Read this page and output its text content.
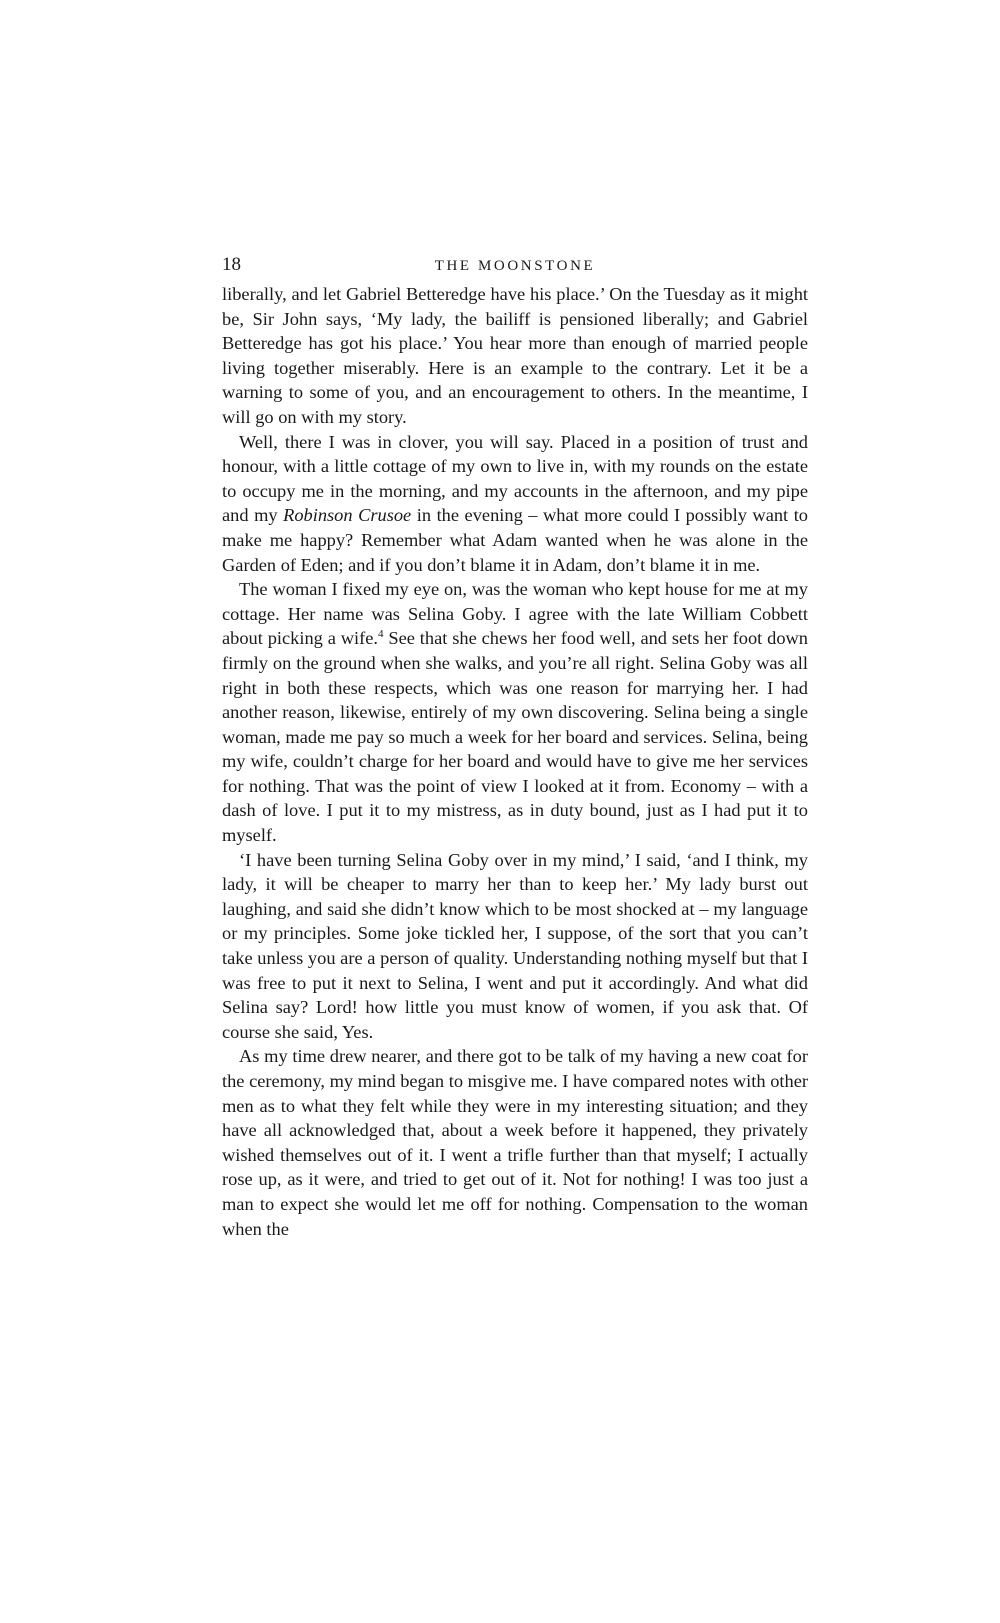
18	THE MOONSTONE

liberally, and let Gabriel Betteredge have his place.’ On the Tuesday as it might be, Sir John says, ‘My lady, the bailiff is pensioned liberally; and Gabriel Betteredge has got his place.’ You hear more than enough of married people living together miserably. Here is an example to the contrary. Let it be a warning to some of you, and an encouragement to others. In the meantime, I will go on with my story.

Well, there I was in clover, you will say. Placed in a position of trust and honour, with a little cottage of my own to live in, with my rounds on the estate to occupy me in the morning, and my accounts in the afternoon, and my pipe and my Robinson Crusoe in the evening – what more could I possibly want to make me happy? Remember what Adam wanted when he was alone in the Garden of Eden; and if you don’t blame it in Adam, don’t blame it in me.

The woman I fixed my eye on, was the woman who kept house for me at my cottage. Her name was Selina Goby. I agree with the late William Cobbett about picking a wife.$^4$ See that she chews her food well, and sets her foot down firmly on the ground when she walks, and you’re all right. Selina Goby was all right in both these respects, which was one reason for marrying her. I had another reason, likewise, entirely of my own discovering. Selina being a single woman, made me pay so much a week for her board and services. Selina, being my wife, couldn’t charge for her board and would have to give me her services for nothing. That was the point of view I looked at it from. Economy – with a dash of love. I put it to my mistress, as in duty bound, just as I had put it to myself.

‘I have been turning Selina Goby over in my mind,’ I said, ‘and I think, my lady, it will be cheaper to marry her than to keep her.’ My lady burst out laughing, and said she didn’t know which to be most shocked at – my language or my principles. Some joke tickled her, I suppose, of the sort that you can’t take unless you are a person of quality. Understanding nothing myself but that I was free to put it next to Selina, I went and put it accordingly. And what did Selina say? Lord! how little you must know of women, if you ask that. Of course she said, Yes.

As my time drew nearer, and there got to be talk of my having a new coat for the ceremony, my mind began to misgive me. I have compared notes with other men as to what they felt while they were in my interesting situation; and they have all acknowledged that, about a week before it happened, they privately wished themselves out of it. I went a trifle further than that myself; I actually rose up, as it were, and tried to get out of it. Not for nothing! I was too just a man to expect she would let me off for nothing. Compensation to the woman when the
